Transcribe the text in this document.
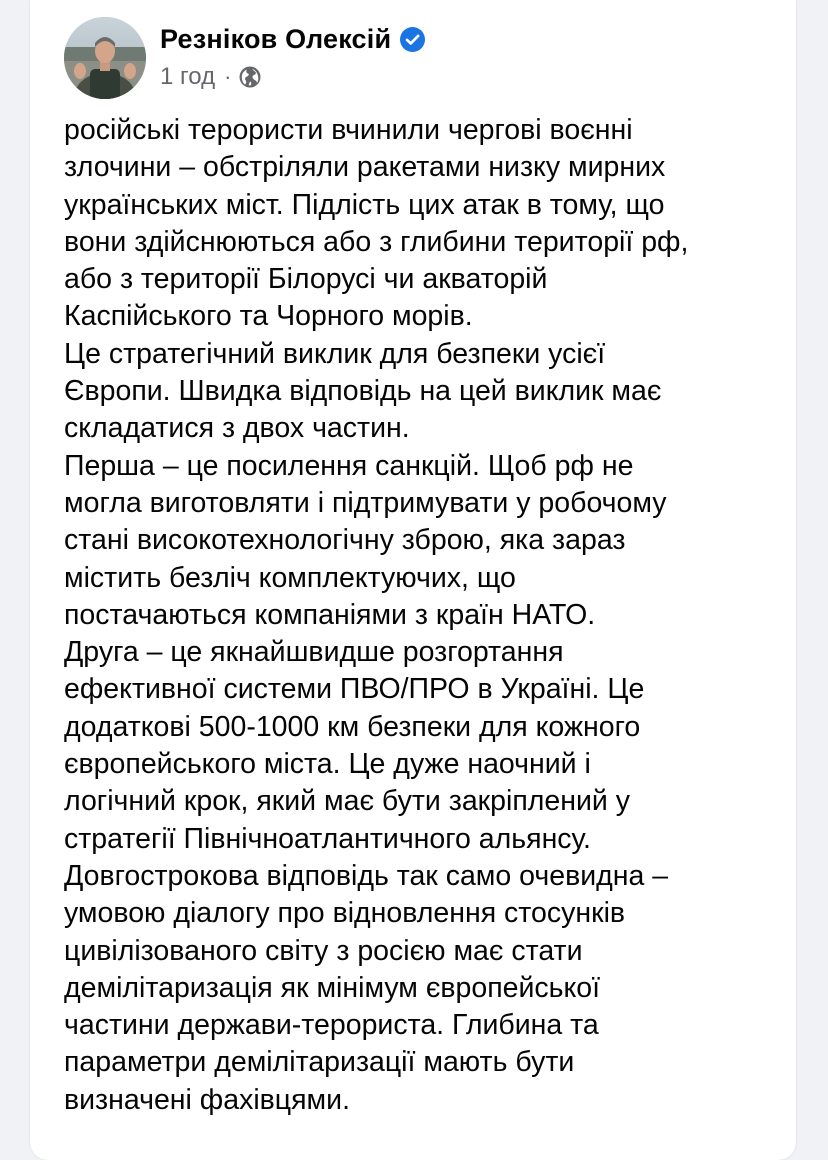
Резніков Олексій
1 год ·
російські терористи вчинили чергові воєнні
злочини – обстріляли ракетами низку мирних
українських міст. Підлість цих атак в тому, що
вони здійснюються або з глибини території рф,
або з території Білорусі чи акваторій
Каспійського та Чорного морів.
Це стратегічний виклик для безпеки усієї
Європи. Швидка відповідь на цей виклик має
складатися з двох частин.
Перша – це посилення санкцій. Щоб рф не
могла виготовляти і підтримувати у робочому
стані високотехнологічну зброю, яка зараз
містить безліч комплектуючих, що
постачаються компаніями з країн НАТО.
Друга – це якнайшвидше розгортання
ефективної системи ПВО/ПРО в Україні. Це
додаткові 500-1000 км безпеки для кожного
європейського міста. Це дуже наочний і
логічний крок, який має бути закріплений у
стратегії Північноатлантичного альянсу.
Довгострокова відповідь так само очевидна –
умовою діалогу про відновлення стосунків
цивілізованого світу з росією має стати
демілітаризація як мінімум європейської
частини держави-терориста. Глибина та
параметри демілітаризації мають бути
визначені фахівцями.
